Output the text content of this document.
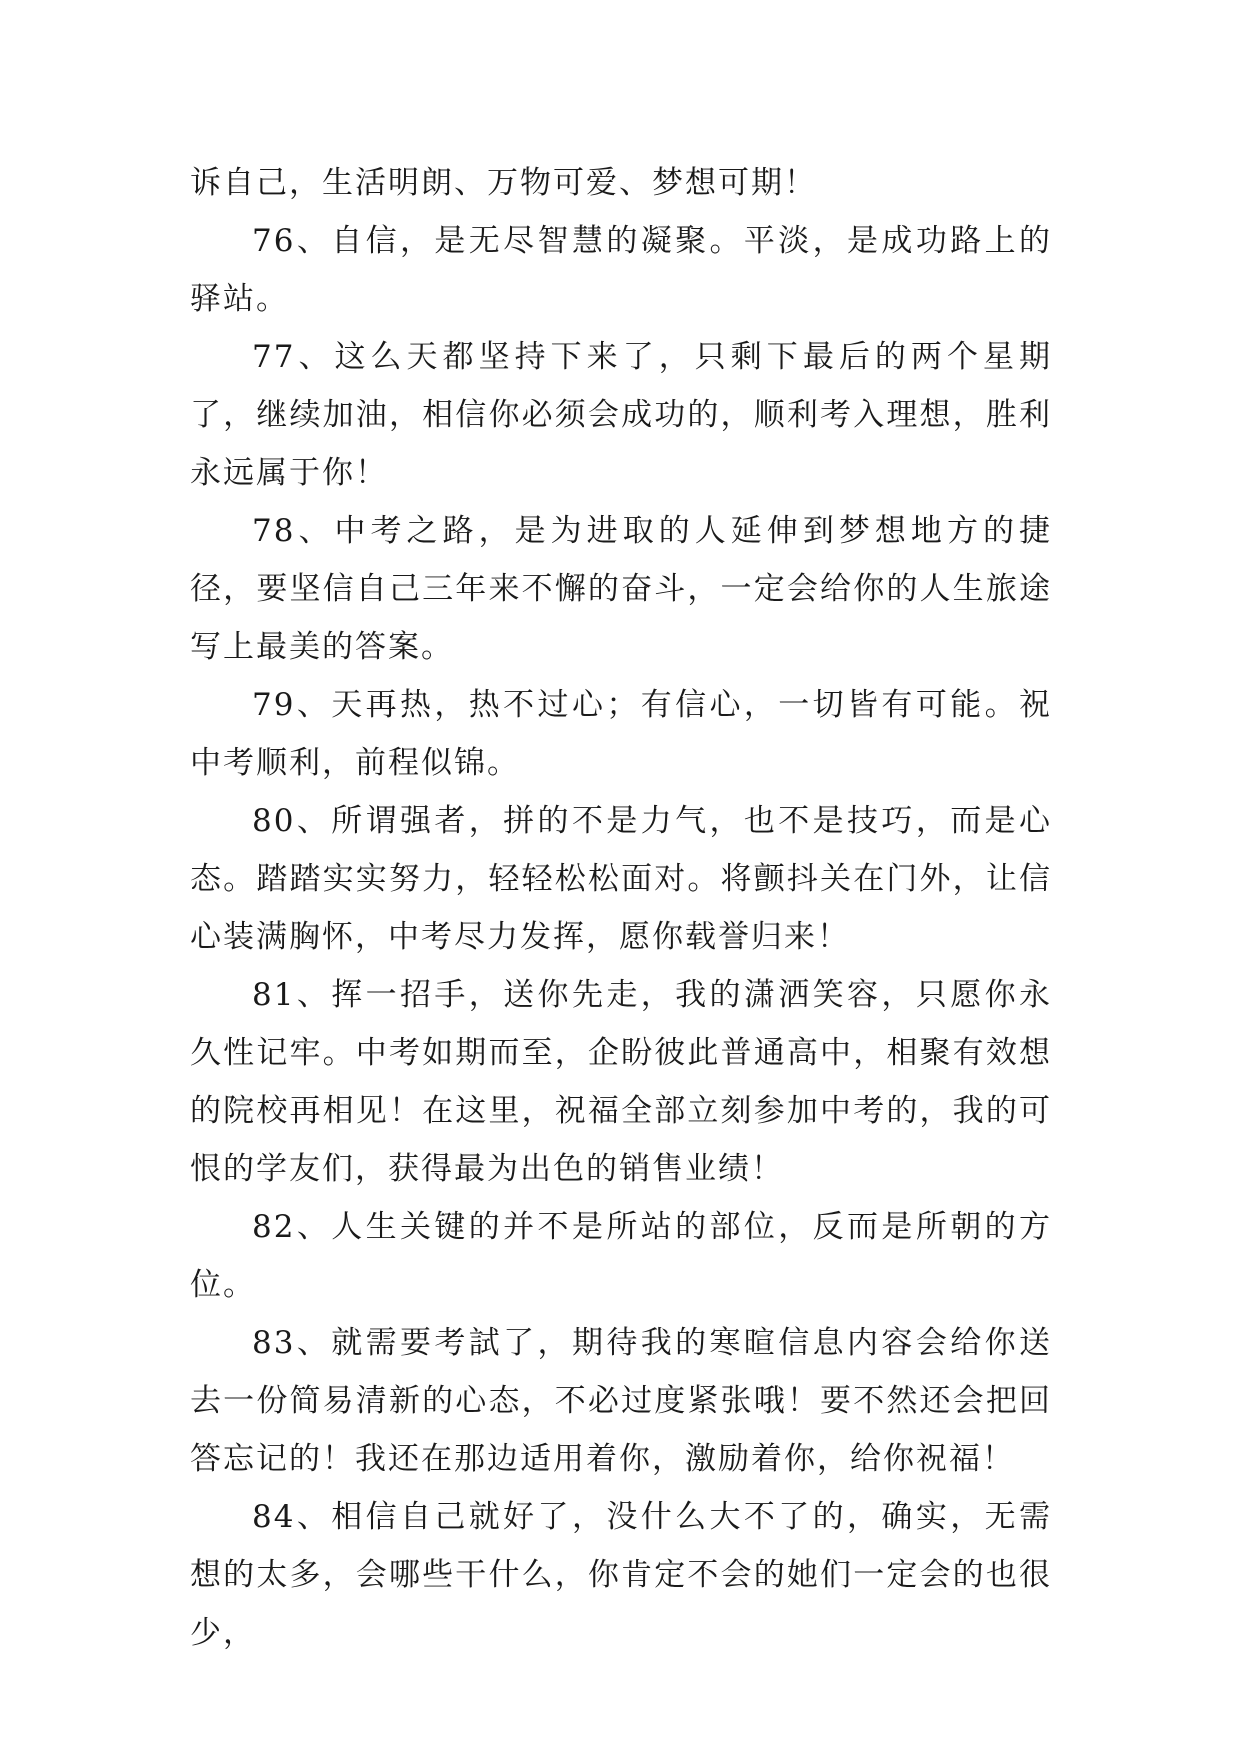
诉自己，生活明朗、万物可爱、梦想可期！

76、自信，是无尽智慧的凝聚。平淡，是成功路上的驿站。

77、这么天都坚持下来了，只剩下最后的两个星期了，继续加油，相信你必须会成功的，顺利考入理想，胜利永远属于你！

78、中考之路，是为进取的人延伸到梦想地方的捷径，要坚信自己三年来不懈的奋斗，一定会给你的人生旅途写上最美的答案。

79、天再热，热不过心；有信心，一切皆有可能。祝中考顺利，前程似锦。

80、所谓强者，拼的不是力气，也不是技巧，而是心态。踏踏实实努力，轻轻松松面对。将颤抖关在门外，让信心装满胸怀，中考尽力发挥，愿你载誉归来！

81、挥一招手，送你先走，我的潇洒笑容，只愿你永久性记牢。中考如期而至，企盼彼此普通高中，相聚有效想的院校再相见！在这里，祝福全部立刻参加中考的，我的可恨的学友们，获得最为出色的销售业绩！

82、人生关键的并不是所站的部位，反而是所朝的方位。

83、就需要考試了，期待我的寒暄信息内容会给你送去一份简易清新的心态，不必过度紧张哦！要不然还会把回答忘记的！我还在那边适用着你，激励着你，给你祝福！

84、相信自己就好了，没什么大不了的，确实，无需想的太多，会哪些干什么，你肯定不会的她们一定会的也很少，
